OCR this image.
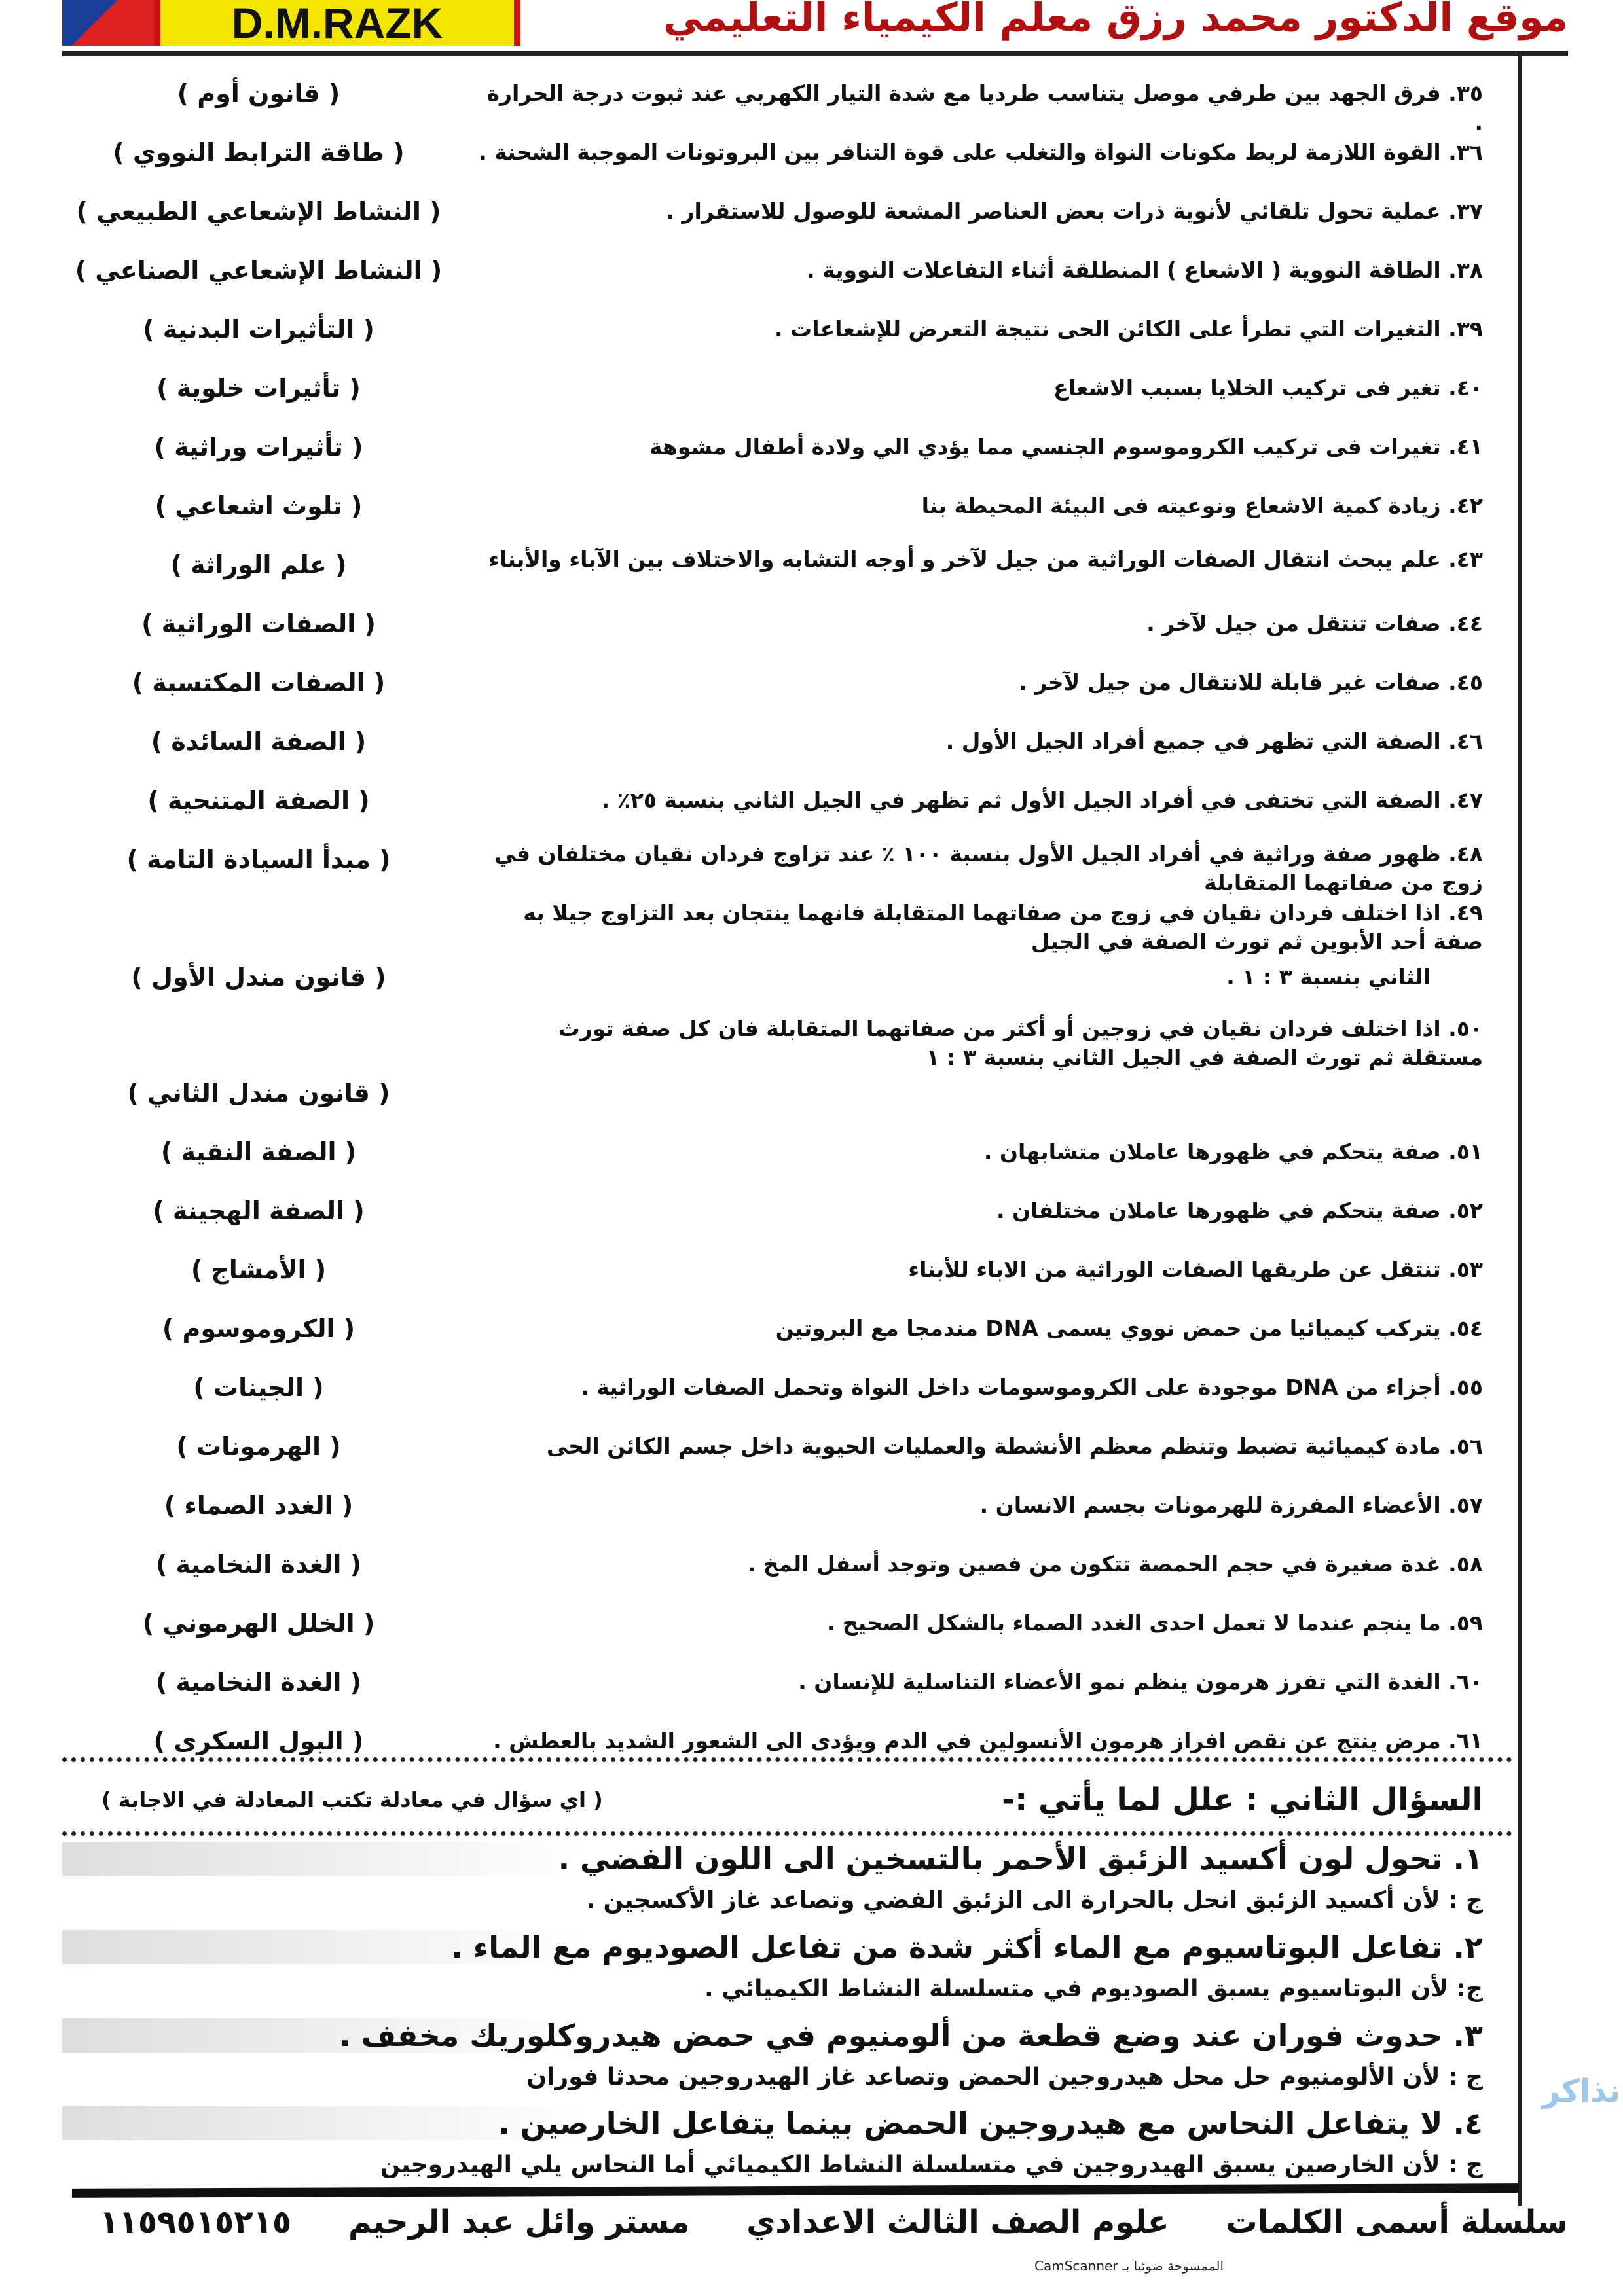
D.M.RAZK	موقع الدكتور محمد رزق معلم الكيمياء التعليمي
٣٥. فرق الجهد بين طرفي موصل يتناسب طرديا مع شدة التيار الكهربي عند ثبوت درجة الحرارة .
( قانون أوم )
٣٦. القوة اللازمة لربط مكونات النواة والتغلب على قوة التنافر بين البروتونات الموجبة الشحنة .
( طاقة الترابط النووي )
٣٧. عملية تحول تلقائي لأنوية ذرات بعض العناصر المشعة للوصول للاستقرار .
( النشاط الإشعاعي الطبيعي )
٣٨. الطاقة النووية ( الاشعاع ) المنطلقة أثناء التفاعلات النووية .
( النشاط الإشعاعي الصناعي )
٣٩. التغيرات التي تطرأ على الكائن الحى نتيجة التعرض للإشعاعات .
( التأثيرات البدنية )
٤٠. تغير فى تركيب الخلايا بسبب الاشعاع
( تأثيرات خلوية )
٤١. تغيرات فى تركيب الكروموسوم الجنسي مما يؤدي الي ولادة أطفال مشوهة
( تأثيرات وراثية )
٤٢. زيادة كمية الاشعاع ونوعيته فى البيئة المحيطة بنا
( تلوث اشعاعي )
٤٣. علم يبحث انتقال الصفات الوراثية من جيل لآخر و أوجه التشابه والاختلاف بين الآباء والأبناء
( علم الوراثة )
٤٤. صفات تنتقل من جيل لآخر .
( الصفات الوراثية )
٤٥. صفات غير قابلة للانتقال من جيل لآخر .
( الصفات المكتسبة )
٤٦. الصفة التي تظهر في جميع أفراد الجيل الأول .
( الصفة السائدة )
٤٧. الصفة التي تختفى في أفراد الجيل الأول ثم تظهر في الجيل الثاني بنسبة ٢٥٪ .
( الصفة المتنحية )
٤٨. ظهور صفة وراثية في أفراد الجيل الأول بنسبة ١٠٠ ٪ عند تزاوج فردان نقيان مختلفان في زوج من صفاتهما المتقابلة
( مبدأ السيادة التامة )
٤٩. اذا اختلف فردان نقيان في زوج من صفاتهما المتقابلة فانهما ينتجان بعد التزاوج جيلا به صفة أحد الأبوين ثم تورث الصفة في الجيل
الثاني بنسبة ٣ : ١ .
( قانون مندل الأول )
٥٠. اذا اختلف فردان نقيان في زوجين أو أكثر من صفاتهما المتقابلة فان كل صفة تورث مستقلة ثم تورث الصفة في الجيل الثاني بنسبة ٣ : ١
( قانون مندل الثاني )
٥١. صفة يتحكم في ظهورها عاملان متشابهان .
( الصفة النقية )
٥٢. صفة يتحكم في ظهورها عاملان مختلفان .
( الصفة الهجينة )
٥٣. تنتقل عن طريقها الصفات الوراثية من الاباء للأبناء
( الأمشاج )
٥٤. يتركب كيميائيا من حمض نووي يسمى DNA مندمجا مع البروتين
( الكروموسوم )
٥٥. أجزاء من DNA موجودة على الكروموسومات داخل النواة وتحمل الصفات الوراثية .
( الجينات )
٥٦. مادة كيميائية تضبط وتنظم معظم الأنشطة والعمليات الحيوية داخل جسم الكائن الحى
( الهرمونات )
٥٧. الأعضاء المفرزة للهرمونات بجسم الانسان .
( الغدد الصماء )
٥٨. غدة صغيرة في حجم الحمصة تتكون من فصين وتوجد أسفل المخ .
( الغدة النخامية )
٥٩. ما ينجم عندما لا تعمل احدى الغدد الصماء بالشكل الصحيح .
( الخلل الهرموني )
٦٠. الغدة التي تفرز هرمون ينظم نمو الأعضاء التناسلية للإنسان .
( الغدة النخامية )
٦١. مرض ينتج عن نقص افراز هرمون الأنسولين في الدم ويؤدى الى الشعور الشديد بالعطش .
( البول السكرى )
السؤال الثاني : علل لما يأتي :-
( اي سؤال في معادلة تكتب المعادلة في الاجابة )
١. تحول لون أكسيد الزئبق الأحمر بالتسخين الى اللون الفضي .
ج : لأن أكسيد الزئبق انحل بالحرارة الى الزئبق الفضي وتصاعد غاز الأكسجين .
٢. تفاعل البوتاسيوم مع الماء أكثر شدة من تفاعل الصوديوم مع الماء .
ج: لأن البوتاسيوم يسبق الصوديوم في متسلسلة النشاط الكيميائي .
٣. حدوث فوران عند وضع قطعة من ألومنيوم في حمض هيدروكلوريك مخفف .
ج : لأن الألومنيوم حل محل هيدروجين الحمض وتصاعد غاز الهيدروجين محدثا فوران
٤. لا يتفاعل النحاس مع هيدروجين الحمض بينما يتفاعل الخارصين .
ج : لأن الخارصين يسبق الهيدروجين في متسلسلة النشاط الكيميائي أما النحاس يلي الهيدروجين
سلسلة أسمى الكلمات علوم الصف الثالث الاعدادي مستر وائل عبد الرحيم ١١٥٩٥١٥٢١٥
نذاكر
الممسوحة ضوئيا بـ CamScanner
